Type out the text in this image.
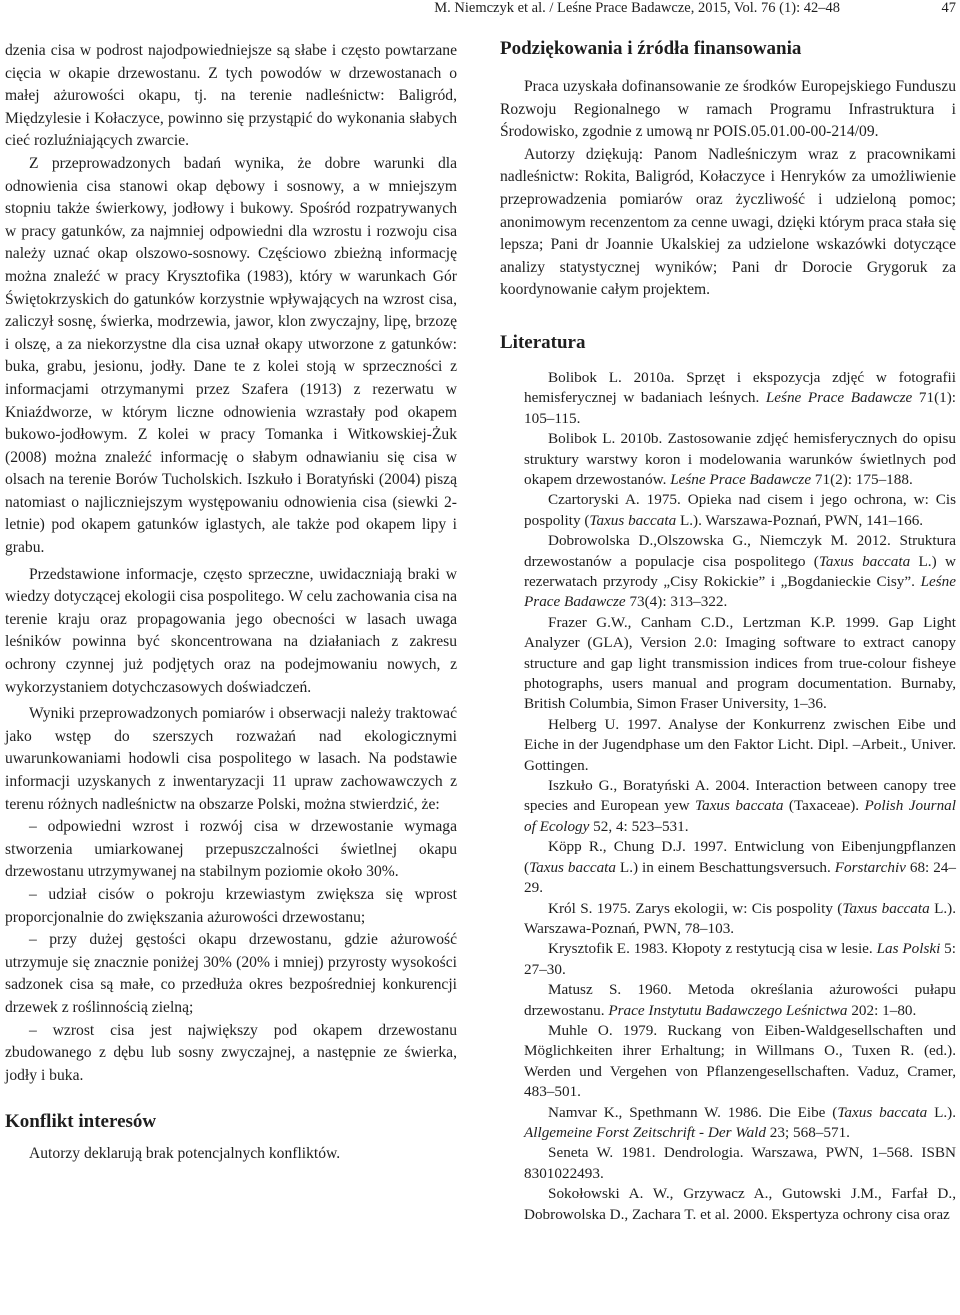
M. Niemczyk et al. / Leśne Prace Badawcze, 2015, Vol. 76 (1): 42–48	47

dzenia cisa w podrost najodpowiedniejsze są słabe i często powtarzane cięcia w okapie drzewostanu. Z tych powodów w drzewostanach o małej ażurowości okapu, tj. na terenie nadleśnictw: Baligród, Międzylesie i Kołaczyce, powinno się przystąpić do wykonania słabych cieć rozluźniających zwarcie.

Z przeprowadzonych badań wynika, że dobre warunki dla odnowienia cisa stanowi okap dębowy i sosnowy, a w mniejszym stopniu także świerkowy, jodłowy i bukowy. Spośród rozpatrywanych w pracy gatunków, za najmniej odpowiedni dla wzrostu i rozwoju cisa należy uznać okap olszowo-sosnowy. Częściowo zbieżną informację można znaleźć w pracy Krysztofika (1983), który w warunkach Gór Świętokrzyskich do gatunków korzystnie wpływających na wzrost cisa, zaliczył sosnę, świerka, modrzewia, jawor, klon zwyczajny, lipę, brzozę i olszę, a za niekorzystne dla cisa uznał okapy utworzone z gatunków: buka, grabu, jesionu, jodły. Dane te z kolei stoją w sprzeczności z informacjami otrzymanymi przez Szafera (1913) z rezerwatu w Kniaźdworze, w którym liczne odnowienia wzrastały pod okapem bukowo-jodłowym. Z kolei w pracy Tomanka i Witkowskiej-Żuk (2008) można znaleźć informację o słabym odnawianiu się cisa w olsach na terenie Borów Tucholskich. Iszkuło i Boratyński (2004) piszą natomiast o najliczniejszym występowaniu odnowienia cisa (siewki 2-letnie) pod okapem gatunków iglastych, ale także pod okapem lipy i grabu.

Przedstawione informacje, często sprzeczne, uwidaczniają braki w wiedzy dotyczącej ekologii cisa pospolitego. W celu zachowania cisa na terenie kraju oraz propagowania jego obecności w lasach uwaga leśników powinna być skoncentrowana na działaniach z zakresu ochrony czynnej już podjętych oraz na podejmowaniu nowych, z wykorzystaniem dotychczasowych doświadczeń.

Wyniki przeprowadzonych pomiarów i obserwacji należy traktować jako wstęp do szerszych rozważań nad ekologicznymi uwarunkowaniami hodowli cisa pospolitego w lasach. Na podstawie informacji uzyskanych z inwentaryzacji 11 upraw zachowawczych z terenu różnych nadleśnictw na obszarze Polski, można stwierdzić, że:

– odpowiedni wzrost i rozwój cisa w drzewostanie wymaga stworzenia umiarkowanej przepuszczalności świetlnej okapu drzewostanu utrzymywanej na stabilnym poziomie około 30%.

– udział cisów o pokroju krzewiastym zwiększa się wprost proporcjonalnie do zwiększania ażurowości drzewostanu;

– przy dużej gęstości okapu drzewostanu, gdzie ażurowość utrzymuje się znacznie poniżej 30% (20% i mniej) przyrosty wysokości sadzonek cisa są małe, co przedłuża okres bezpośredniej konkurencji drzewek z roślinnością zielną;

– wzrost cisa jest największy pod okapem drzewostanu zbudowanego z dębu lub sosny zwyczajnej, a następnie ze świerka, jodły i buka.

Konflikt interesów

Autorzy deklarują brak potencjalnych konfliktów.

Podziękowania i źródła finansowania

Praca uzyskała dofinansowanie ze środków Europejskiego Funduszu Rozwoju Regionalnego w ramach Programu Infrastruktura i Środowisko, zgodnie z umową nr POIS.05.01.00-00-214/09.

Autorzy dziękują: Panom Nadleśniczym wraz z pracownikami nadleśnictw: Rokita, Baligród, Kołaczyce i Henryków za umożliwienie przeprowadzenia pomiarów oraz życzliwość i udzieloną pomoc; anonimowym recenzentom za cenne uwagi, dzięki którym praca stała się lepsza; Pani dr Joannie Ukalskiej za udzielone wskazówki dotyczące analizy statystycznej wyników; Pani dr Dorocie Grygoruk za koordynowanie całym projektem.

Literatura

Bolibok L. 2010a. Sprzęt i ekspozycja zdjęć w fotografii hemisferycznej w badaniach leśnych. Leśne Prace Badawcze 71(1): 105–115.

Bolibok L. 2010b. Zastosowanie zdjęć hemisferycznych do opisu struktury warstwy koron i modelowania warunków świetlnych pod okapem drzewostanów. Leśne Prace Badawcze 71(2): 175–188.

Czartoryski A. 1975. Opieka nad cisem i jego ochrona, w: Cis pospolity (Taxus baccata L.). Warszawa-Poznań, PWN, 141–166.

Dobrowolska D.,Olszowska G., Niemczyk M. 2012. Struktura drzewostanów a populacje cisa pospolitego (Taxus baccata L.) w rezerwatach przyrody „Cisy Rokickie” i „Bogdanieckie Cisy”. Leśne Prace Badawcze 73(4): 313–322.

Frazer G.W., Canham C.D., Lertzman K.P. 1999. Gap Light Analyzer (GLA), Version 2.0: Imaging software to extract canopy structure and gap light transmission indices from true-colour fisheye photographs, users manual and program documentation. Burnaby, British Columbia, Simon Fraser University, 1–36.

Helberg U. 1997. Analyse der Konkurrenz zwischen Eibe und Eiche in der Jugendphase um den Faktor Licht. Dipl. –Arbeit., Univer. Gottingen.

Iszkuło G., Boratyński A. 2004. Interaction between canopy tree species and European yew Taxus baccata (Taxaceae). Polish Journal of Ecology 52, 4: 523–531.

Köpp R., Chung D.J. 1997. Entwiclung von Eibenjungpflanzen (Taxus baccata L.) in einem Beschattungsversuch. Forstarchiv 68: 24–29.

Król S. 1975. Zarys ekologii, w: Cis pospolity (Taxus baccata L.). Warszawa-Poznań, PWN, 78–103.

Krysztofik E. 1983. Kłopoty z restytucją cisa w lesie. Las Polski 5: 27–30.

Matusz S. 1960. Metoda określania ażurowości pułapu drzewostanu. Prace Instytutu Badawczego Leśnictwa 202: 1–80.

Muhle O. 1979. Ruckang von Eiben-Waldgesellschaften und Möglichkeiten ihrer Erhaltung; in Willmans O., Tuxen R. (ed.). Werden und Vergehen von Pflanzengesellschaften. Vaduz, Cramer, 483–501.

Namvar K., Spethmann W. 1986. Die Eibe (Taxus baccata L.). Allgemeine Forst Zeitschrift - Der Wald 23; 568–571.

Seneta W. 1981. Dendrologia. Warszawa, PWN, 1–568. ISBN 8301022493.

Sokołowski A. W., Grzywacz A., Gutowski J.M., Farfał D., Dobrowolska D., Zachara T. et al. 2000. Ekspertyza ochrony cisa oraz
